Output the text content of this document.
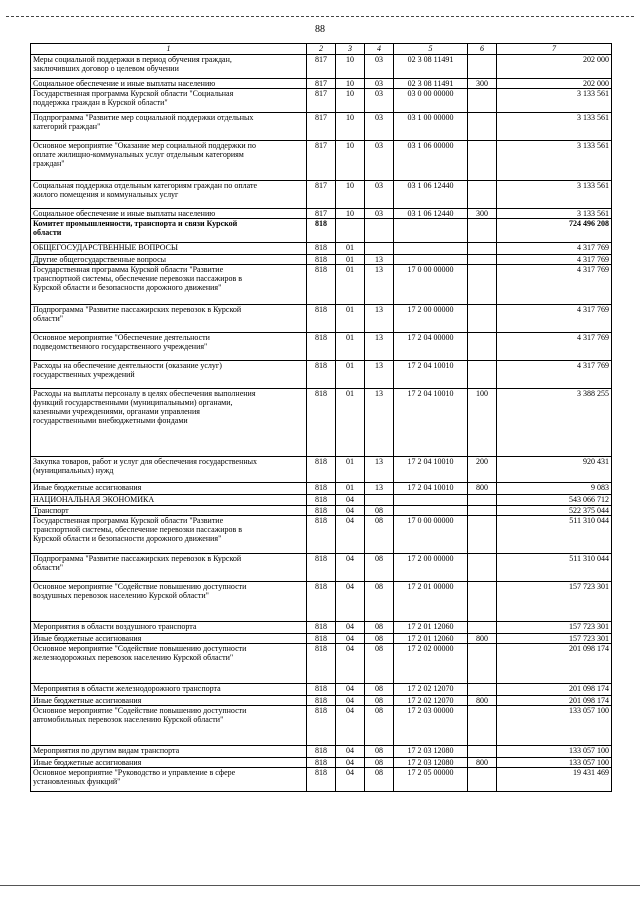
88
1	2	3	4	5	6	7
Меры социальной поддержки в период обучения граждан,
заключивших договор о целевом обучении	817	10	03	02 3 08 11491		202 000
Социальное обеспечение и иные выплаты населению	817	10	03	02 3 08 11491	300	202 000
Государственная программа Курской области "Социальная
поддержка граждан в Курской области"	817	10	03	03 0 00 00000		3 133 561
Подпрограмма "Развитие мер социальной поддержки отдельных
категорий граждан"	817	10	03	03 1 00 00000		3 133 561
Основное мероприятие "Оказание мер социальной поддержки по
оплате жилищно-коммунальных услуг отдельным категориям
граждан"	817	10	03	03 1 06 00000		3 133 561
Социальная поддержка отдельным категориям граждан по оплате
жилого помещения и коммунальных услуг	817	10	03	03 1 06 12440		3 133 561
Социальное обеспечение и иные выплаты населению	817	10	03	03 1 06 12440	300	3 133 561
Комитет промышленности, транспорта и связи Курской
области	818					724 496 208
ОБЩЕГОСУДАРСТВЕННЫЕ ВОПРОСЫ	818	01				4 317 769
Другие общегосударственные вопросы	818	01	13			4 317 769
Государственная программа Курской области "Развитие
транспортной системы, обеспечение перевозки пассажиров в
Курской области и безопасности дорожного движения"	818	01	13	17 0 00 00000		4 317 769
Подпрограмма "Развитие пассажирских перевозок в Курской
области"	818	01	13	17 2 00 00000		4 317 769
Основное мероприятие "Обеспечение деятельности
подведомственного государственного учреждения"	818	01	13	17 2 04 00000		4 317 769
Расходы на обеспечение деятельности (оказание услуг)
государственных учреждений	818	01	13	17 2 04 10010		4 317 769
Расходы на выплаты персоналу в целях обеспечения выполнения
функций государственными (муниципальными) органами,
казенными учреждениями, органами управления
государственными внебюджетными фондами	818	01	13	17 2 04 10010	100	3 388 255
Закупка товаров, работ и услуг для обеспечения государственных
(муниципальных) нужд	818	01	13	17 2 04 10010	200	920 431
Иные бюджетные ассигнования	818	01	13	17 2 04 10010	800	9 083
НАЦИОНАЛЬНАЯ ЭКОНОМИКА	818	04				543 066 712
Транспорт	818	04	08			522 375 044
Государственная программа Курской области "Развитие
транспортной системы, обеспечение перевозки пассажиров в
Курской области и безопасности дорожного движения"	818	04	08	17 0 00 00000		511 310 044
Подпрограмма "Развитие пассажирских перевозок в Курской
области"	818	04	08	17 2 00 00000		511 310 044
Основное мероприятие "Содействие повышению доступности
воздушных перевозок населению Курской области"	818	04	08	17 2 01 00000		157 723 301
Мероприятия в области воздушного транспорта	818	04	08	17 2 01 12060		157 723 301
Иные бюджетные ассигнования	818	04	08	17 2 01 12060	800	157 723 301
Основное мероприятие "Содействие повышению доступности
железнодорожных перевозок населению Курской области"	818	04	08	17 2 02 00000		201 098 174
Мероприятия в области железнодорожного транспорта	818	04	08	17 2 02 12070		201 098 174
Иные бюджетные ассигнования	818	04	08	17 2 02 12070	800	201 098 174
Основное мероприятие "Содействие повышению доступности
автомобильных перевозок населению Курской области"	818	04	08	17 2 03 00000		133 057 100
Мероприятия по другим видам транспорта	818	04	08	17 2 03 12080		133 057 100
Иные бюджетные ассигнования	818	04	08	17 2 03 12080	800	133 057 100
Основное мероприятие "Руководство и управление в сфере
установленных функций"	818	04	08	17 2 05 00000		19 431 469
